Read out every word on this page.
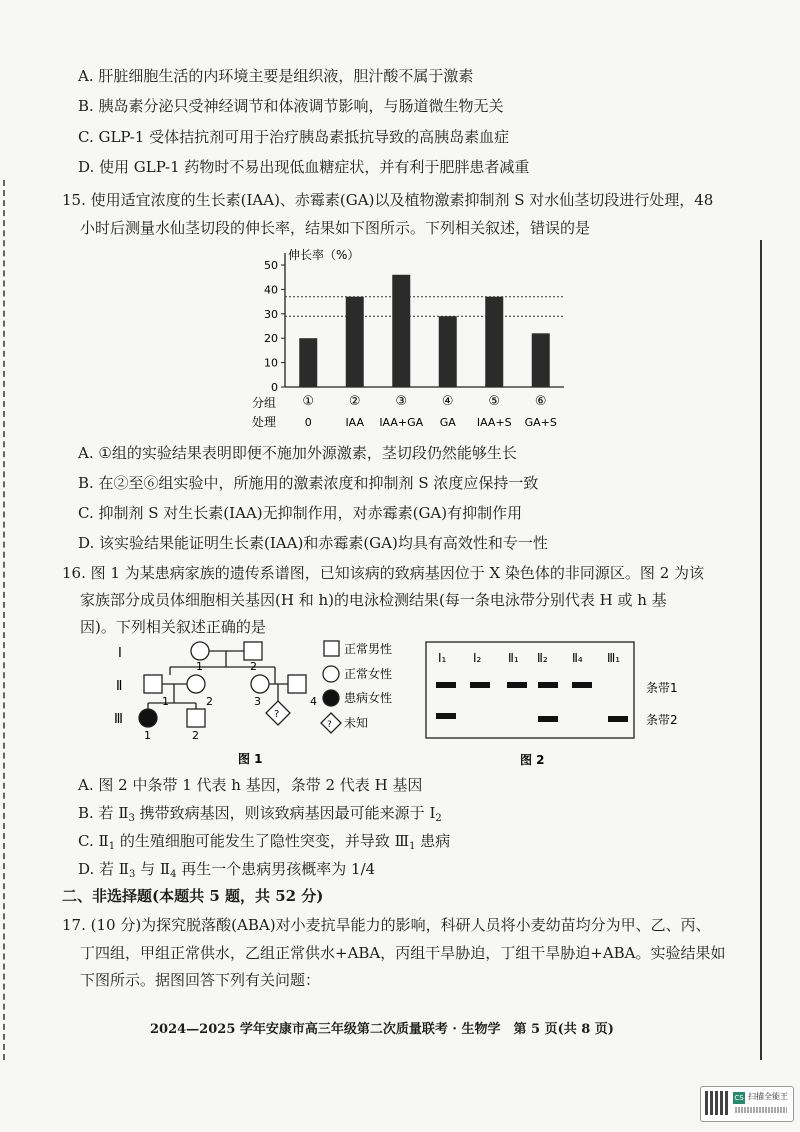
A. 肝脏细胞生活的内环境主要是组织液，胆汁酸不属于激素
B. 胰岛素分泌只受神经调节和体液调节影响，与肠道微生物无关
C. GLP-1 受体拮抗剂可用于治疗胰岛素抵抗导致的高胰岛素血症
D. 使用 GLP-1 药物时不易出现低血糖症状，并有利于肥胖患者减重
15. 使用适宜浓度的生长素(IAA)、赤霉素(GA)以及植物激素抑制剂 S 对水仙茎切段进行处理，48
小时后测量水仙茎切段的伸长率，结果如下图所示。下列相关叙述，错误的是
0
10
20
30
40
50
伸长率（%）
①
0
②
IAA
③
IAA+GA
④
GA
⑤
IAA+S
⑥
GA+S
分组
处理
A. ①组的实验结果表明即便不施加外源激素，茎切段仍然能够生长
B. 在②至⑥组实验中，所施用的激素浓度和抑制剂 S 浓度应保持一致
C. 抑制剂 S 对生长素(IAA)无抑制作用，对赤霉素(GA)有抑制作用
D. 该实验结果能证明生长素(IAA)和赤霉素(GA)均具有高效性和专一性
16. 图 1 为某患病家族的遗传系谱图，已知该病的致病基因位于 X 染色体的非同源区。图 2 为该
家族部分成员体细胞相关基因(H 和 h)的电泳检测结果(每一条电泳带分别代表 H 或 h 基
因)。下列相关叙述正确的是
Ⅰ
Ⅱ
Ⅲ
1	2
1	2	3	4
1	2
?
?
正常男性
正常女性
患病女性
未知
图 1
Ⅰ₁ Ⅰ₂ Ⅱ₁ Ⅱ₂ Ⅱ₄ Ⅲ₁
条带1
条带2
图 2
A. 图 2 中条带 1 代表 h 基因，条带 2 代表 H 基因
B. 若 $Ⅱ_3$ 携带致病基因，则该致病基因最可能来源于 $Ⅰ_2$
C. $Ⅱ_1$ 的生殖细胞可能发生了隐性突变，并导致 $Ⅲ_1$ 患病
D. 若 $Ⅱ_3$ 与 $Ⅱ_4$ 再生一个患病男孩概率为 1/4
二、非选择题(本题共 5 题，共 52 分)
17. (10 分)为探究脱落酸(ABA)对小麦抗旱能力的影响，科研人员将小麦幼苗均分为甲、乙、丙、
丁四组，甲组正常供水，乙组正常供水+ABA，丙组干旱胁迫，丁组干旱胁迫+ABA。实验结果如
下图所示。据图回答下列有关问题：
2024—2025 学年安康市高三年级第二次质量联考 · 生物学　第 5 页(共 8 页)
CS 扫描全能王
